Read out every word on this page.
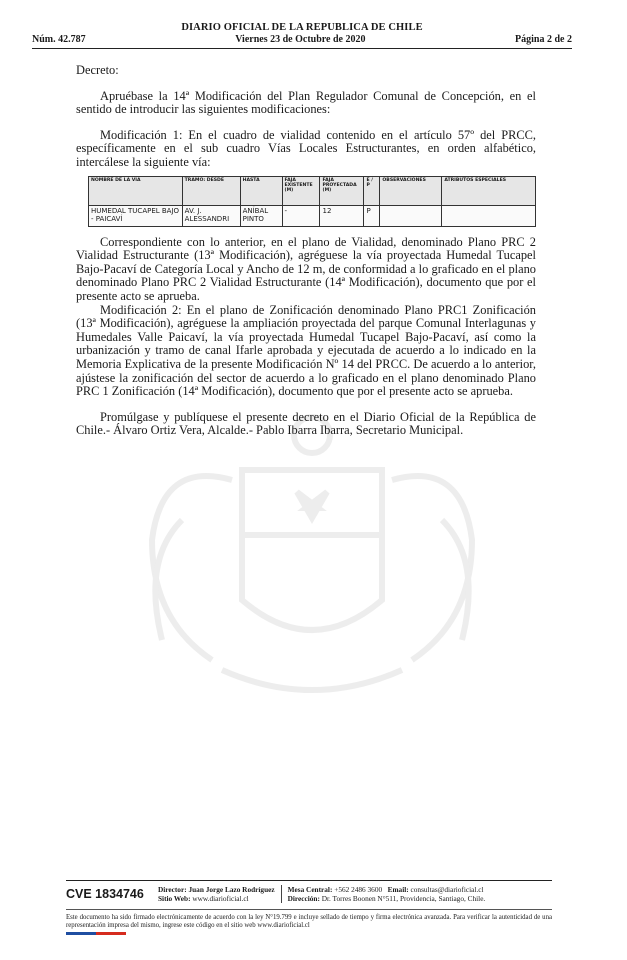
DIARIO OFICIAL DE LA REPUBLICA DE CHILE
Núm. 42.787	Viernes 23 de Octubre de 2020	Página 2 de 2

Decreto:

Apruébase la 14ª Modificación del Plan Regulador Comunal de Concepción, en el sentido de introducir las siguientes modificaciones:

Modificación 1: En el cuadro de vialidad contenido en el artículo 57º del PRCC, específicamente en el sub cuadro Vías Locales Estructurantes, en orden alfabético, intercálese la siguiente vía:

Correspondiente con lo anterior, en el plano de Vialidad, denominado Plano PRC 2 Vialidad Estructurante (13ª Modificación), agréguese la vía proyectada Humedal Tucapel Bajo-Pacaví de Categoría Local y Ancho de 12 m, de conformidad a lo graficado en el plano denominado Plano PRC 2 Vialidad Estructurante (14ª Modificación), documento que por el presente acto se aprueba.

Modificación 2: En el plano de Zonificación denominado Plano PRC1 Zonificación (13ª Modificación), agréguese la ampliación proyectada del parque Comunal Interlagunas y Humedales Valle Paicaví, la vía proyectada Humedal Tucapel Bajo-Pacaví, así como la urbanización y tramo de canal Ifarle aprobada y ejecutada de acuerdo a lo indicado en la Memoria Explicativa de la presente Modificación Nº 14 del PRCC. De acuerdo a lo anterior, ajústese la zonificación del sector de acuerdo a lo graficado en el plano denominado Plano PRC 1 Zonificación (14ª Modificación), documento que por el presente acto se aprueba.

Promúlgase y publíquese el presente decreto en el Diario Oficial de la República de Chile.- Álvaro Ortiz Vera, Alcalde.- Pablo Ibarra Ibarra, Secretario Municipal.

NOMBRE DE LA VIA	TRAMO: DESDE	HASTA	FAJA EXISTENTE (M)	FAJA PROYECTADA (M)	E / P	OBSERVACIONES	ATRIBUTOS ESPECIALES
HUMEDAL TUCAPEL BAJO - PAICAVÍ	AV. J. ALESSANDRI	ANÍBAL PINTO	-	12	P		
CVE 1834746	Director: Juan Jorge Lazo Rodríguez
Sitio Web: www.diarioficial.cl
Mesa Central: +562 2486 3600 Email: consultas@diarioficial.cl
Dirección: Dr. Torres Boonen N°511, Providencia, Santiago, Chile.
Este documento ha sido firmado electrónicamente de acuerdo con la ley N°19.799 e incluye sellado de tiempo y firma electrónica avanzada. Para verificar la autenticidad de una representación impresa del mismo, ingrese este código en el sitio web www.diarioficial.cl
